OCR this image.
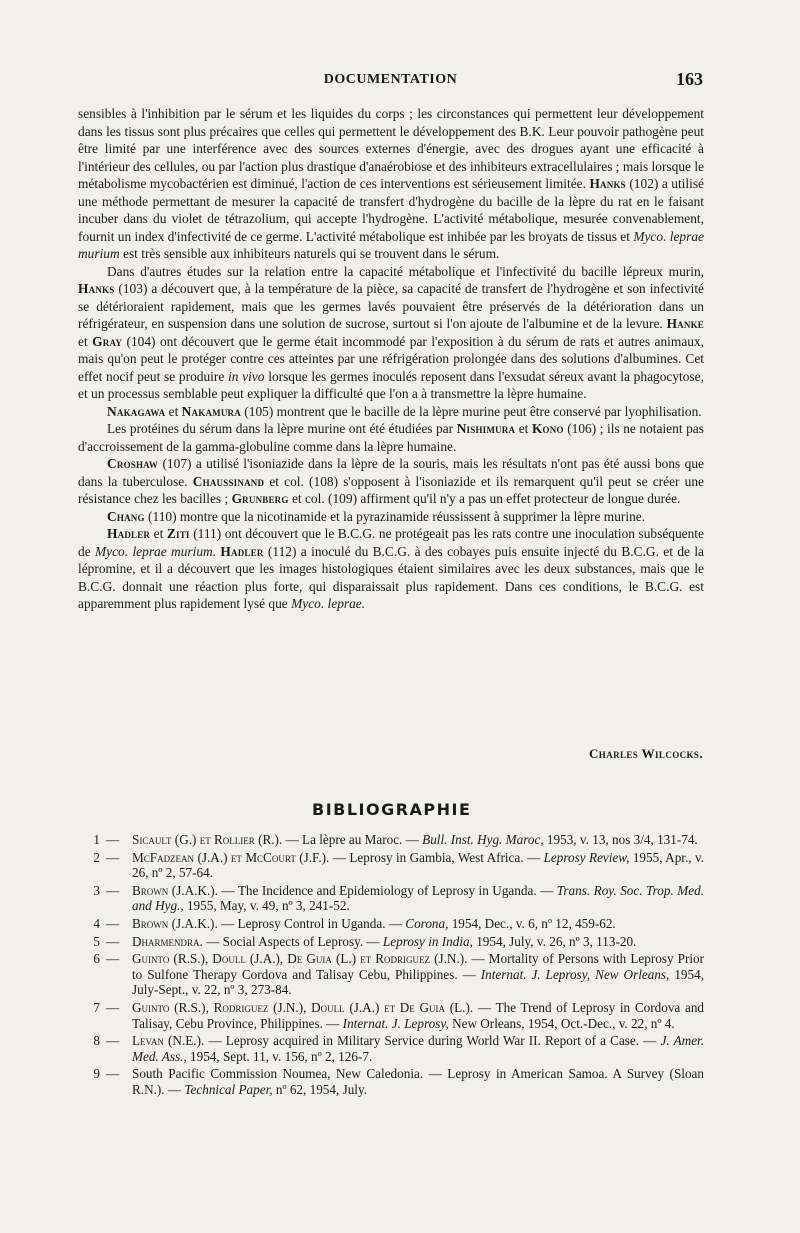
DOCUMENTATION	163

sensibles à l'inhibition par le sérum et les liquides du corps ; les circonstances qui permettent leur développement dans les tissus sont plus précaires que celles qui permettent le développement des B.K. Leur pouvoir pathogène peut être limité par une interférence avec des sources externes d'énergie, avec des drogues ayant une efficacité à l'intérieur des cellules, ou par l'action plus drastique d'anaérobiose et des inhibiteurs extracellulaires ; mais lorsque le métabolisme mycobactérien est diminué, l'action de ces interventions est sérieusement limitée. Hanks (102) a utilisé une méthode permettant de mesurer la capacité de transfert d'hydrogène du bacille de la lèpre du rat en le faisant incuber dans du violet de tétrazolium, qui accepte l'hydrogène. L'activité métabolique, mesurée convenablement, fournit un index d'infectivité de ce germe. L'activité métabolique est inhibée par les broyats de tissus et Myco. leprae murium est très sensible aux inhibiteurs naturels qui se trouvent dans le sérum.

Dans d'autres études sur la relation entre la capacité métabolique et l'infectivité du bacille lépreux murin, Hanks (103) a découvert que, à la température de la pièce, sa capacité de transfert de l'hydrogène et son infectivité se détérioraient rapidement, mais que les germes lavés pouvaient être préservés de la détérioration dans un réfrigérateur, en suspension dans une solution de sucrose, surtout si l'on ajoute de l'albumine et de la levure. Hanke et Gray (104) ont découvert que le germe était incommodé par l'exposition à du sérum de rats et autres animaux, mais qu'on peut le protéger contre ces atteintes par une réfrigération prolongée dans des solutions d'albumines. Cet effet nocif peut se produire in vivo lorsque les germes inoculés reposent dans l'exsudat séreux avant la phagocytose, et un processus semblable peut expliquer la difficulté que l'on a à transmettre la lèpre humaine.

Nakagawa et Nakamura (105) montrent que le bacille de la lèpre murine peut être conservé par lyophilisation.

Les protéines du sérum dans la lèpre murine ont été étudiées par Nishimura et Kono (106) ; ils ne notaient pas d'accroissement de la gamma-globuline comme dans la lèpre humaine.

Croshaw (107) a utilisé l'isoniazide dans la lèpre de la souris, mais les résultats n'ont pas été aussi bons que dans la tuberculose. Chaussinand et col. (108) s'opposent à l'isoniazide et ils remarquent qu'il peut se créer une résistance chez les bacilles ; Grunberg et col. (109) affirment qu'il n'y a pas un effet protecteur de longue durée.

Chang (110) montre que la nicotinamide et la pyrazinamide réussissent à supprimer la lèpre murine.

Hadler et Ziti (111) ont découvert que le B.C.G. ne protégeait pas les rats contre une inoculation subséquente de Myco. leprae murium. Hadler (112) a inoculé du B.C.G. à des cobayes puis ensuite injecté du B.C.G. et de la lépromine, et il a découvert que les images histologiques étaient similaires avec les deux substances, mais que le B.C.G. donnait une réaction plus forte, qui disparaissait plus rapidement. Dans ces conditions, le B.C.G. est apparemment plus rapidement lysé que Myco. leprae.

Charles Wilcocks.
BIBLIOGRAPHIE
1 — Sicault (G.) et Rollier (R.). — La lèpre au Maroc. — Bull. Inst. Hyg. Maroc, 1953, v. 13, nos 3/4, 131-74.
2 — McFadzean (J.A.) et McCourt (J.F.). — Leprosy in Gambia, West Africa. — Leprosy Review, 1955, Apr., v. 26, nº 2, 57-64.
3 — Brown (J.A.K.). — The Incidence and Epidemiology of Leprosy in Uganda. — Trans. Roy. Soc. Trop. Med. and Hyg., 1955, May, v. 49, nº 3, 241-52.
4 — Brown (J.A.K.). — Leprosy Control in Uganda. — Corona, 1954, Dec., v. 6, nº 12, 459-62.
5 — Dharmendra. — Social Aspects of Leprosy. — Leprosy in India, 1954, July, v. 26, nº 3, 113-20.
6 — Guinto (R.S.), Doull (J.A.), De Guia (L.) et Rodriguez (J.N.). — Mortality of Persons with Leprosy Prior to Sulfone Therapy Cordova and Talisay Cebu, Philippines. — Internat. J. Leprosy, New Orleans, 1954, July-Sept., v. 22, nº 3, 273-84.
7 — Guinto (R.S.), Rodriguez (J.N.), Doull (J.A.) et De Guia (L.). — The Trend of Leprosy in Cordova and Talisay, Cebu Province, Philippines. — Internat. J. Leprosy, New Orleans, 1954, Oct.-Dec., v. 22, nº 4.
8 — Levan (N.E.). — Leprosy acquired in Military Service during World War II. Report of a Case. — J. Amer. Med. Ass., 1954, Sept. 11, v. 156, nº 2, 126-7.
9 — South Pacific Commission Noumea, New Caledonia. — Leprosy in American Samoa. A Survey (Sloan R.N.). — Technical Paper, nº 62, 1954, July.
